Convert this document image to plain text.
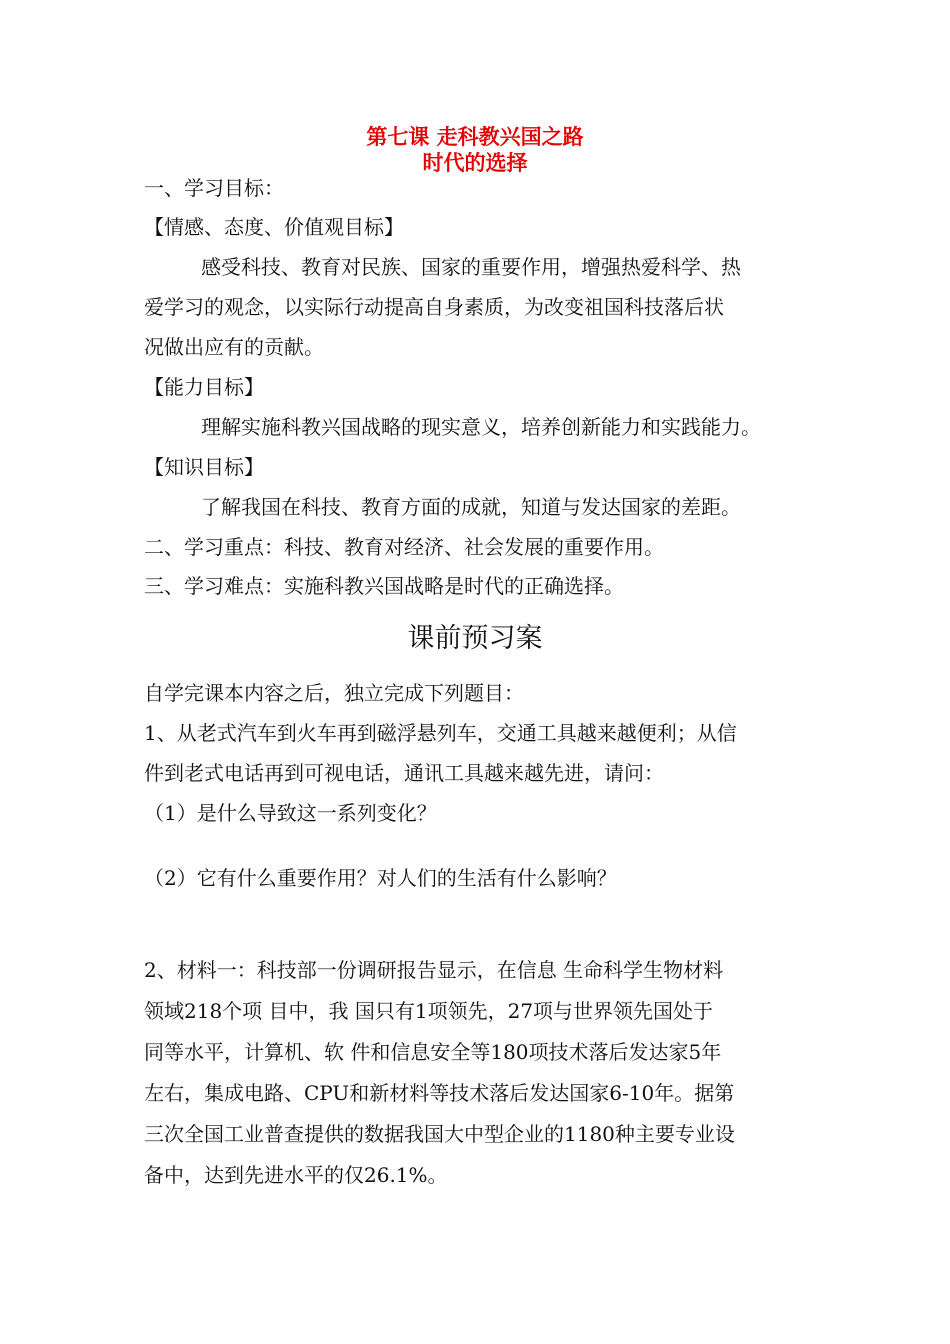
第七课 走科教兴国之路
时代的选择
一、学习目标：
【情感、态度、价值观目标】
感受科技、教育对民族、国家的重要作用，增强热爱科学、热
爱学习的观念，以实际行动提高自身素质，为改变祖国科技落后状
况做出应有的贡献。
【能力目标】
理解实施科教兴国战略的现实意义，培养创新能力和实践能力。
【知识目标】
了解我国在科技、教育方面的成就，知道与发达国家的差距。
二、学习重点：科技、教育对经济、社会发展的重要作用。
三、学习难点：实施科教兴国战略是时代的正确选择。
课前预习案
自学完课本内容之后，独立完成下列题目：
1、从老式汽车到火车再到磁浮悬列车，交通工具越来越便利；从信
件到老式电话再到可视电话，通讯工具越来越先进，请问：
（1）是什么导致这一系列变化？
（2）它有什么重要作用？对人们的生活有什么影响？
2、材料一：科技部一份调研报告显示，在信息 生命科学生物材料
领域218个项 目中，我 国只有1项领先，27项与世界领先国处于
同等水平，计算机、软 件和信息安全等180项技术落后发达家5年
左右，集成电路、CPU和新材料等技术落后发达国家6-10年。据第
三次全国工业普查提供的数据我国大中型企业的1180种主要专业设
备中，达到先进水平的仅26.1%。
